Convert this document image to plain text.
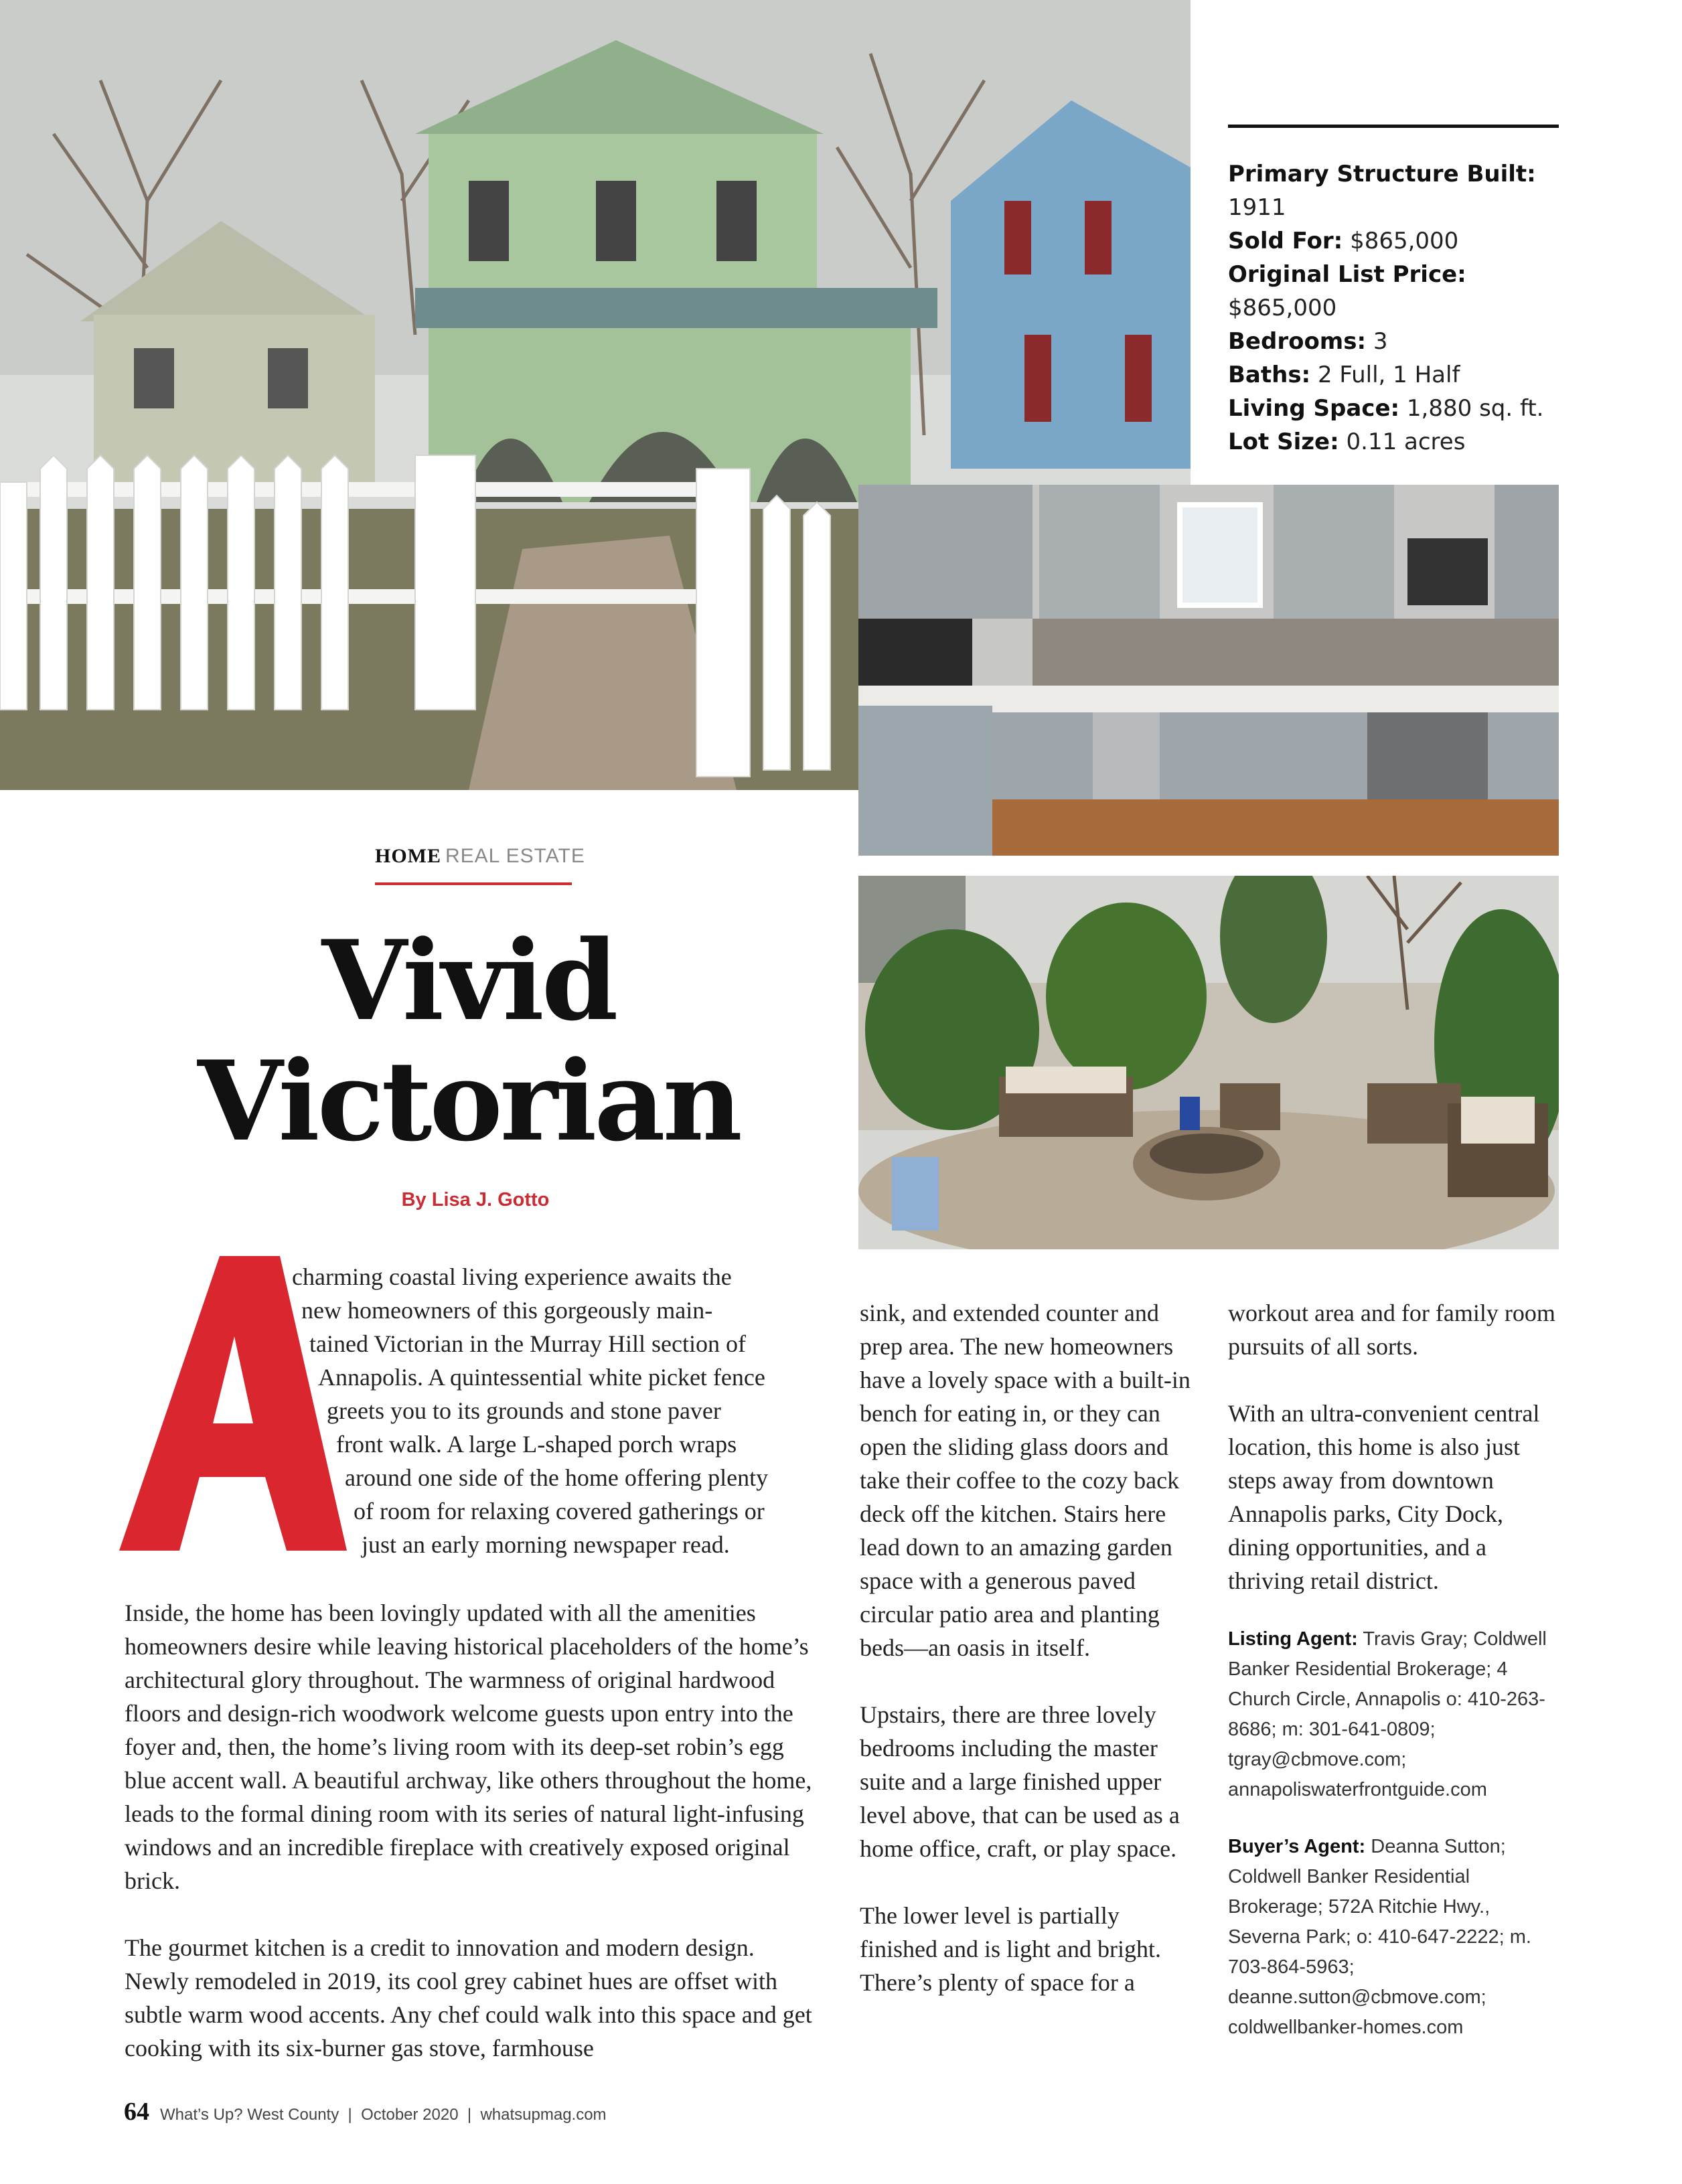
Primary Structure Built: 1911
Sold For: $865,000
Original List Price: $865,000
Bedrooms: 3
Baths: 2 Full, 1 Half
Living Space: 1,880 sq. ft.
Lot Size: 0.11 acres
HOME REAL ESTATE
Vivid
Victorian
By Lisa J. Gotto
A
charming coastal living experience awaits the
new homeowners of this gorgeously main-
tained Victorian in the Murray Hill section of
Annapolis. A quintessential white picket fence
greets you to its grounds and stone paver
front walk. A large L-shaped porch wraps
around one side of the home offering plenty
of room for relaxing covered gatherings or
just an early morning newspaper read.

Inside, the home has been lovingly updated with all the amenities homeowners desire while leaving historical placeholders of the home’s architectural glory throughout. The warmness of original hardwood floors and design-rich woodwork welcome guests upon entry into the foyer and, then, the home’s living room with its deep-set robin’s egg blue accent wall. A beautiful archway, like others throughout the home, leads to the formal dining room with its series of natural light-infusing windows and an incredible fireplace with creatively exposed original brick.

The gourmet kitchen is a credit to innovation and modern design. Newly remodeled in 2019, its cool grey cabinet hues are offset with subtle warm wood accents. Any chef could walk into this space and get cooking with its six-burner gas stove, farmhouse

sink, and extended counter and prep area. The new homeowners have a lovely space with a built-in bench for eating in, or they can open the sliding glass doors and take their coffee to the cozy back deck off the kitchen. Stairs here lead down to an amazing garden space with a generous paved circular patio area and planting beds—an oasis in itself.

Upstairs, there are three lovely bedrooms including the master suite and a large finished upper level above, that can be used as a home office, craft, or play space.

The lower level is partially finished and is light and bright. There’s plenty of space for a

workout area and for family room pursuits of all sorts.

With an ultra-convenient central location, this home is also just steps away from downtown Annapolis parks, City Dock, dining opportunities, and a thriving retail district.

Listing Agent: Travis Gray; Coldwell Banker Residential Brokerage; 4 Church Circle, Annapolis o: 410-263-8686; m: 301-641-0809; tgray@cbmove.com; annapoliswaterfrontguide.com
Buyer’s Agent: Deanna Sutton; Coldwell Banker Residential Brokerage; 572A Ritchie Hwy., Severna Park; o: 410-647-2222; m. 703-864-5963; deanne.sutton@cbmove.com; coldwellbanker-homes.com
64 What’s Up? West County  |  October 2020  |  whatsupmag.com
